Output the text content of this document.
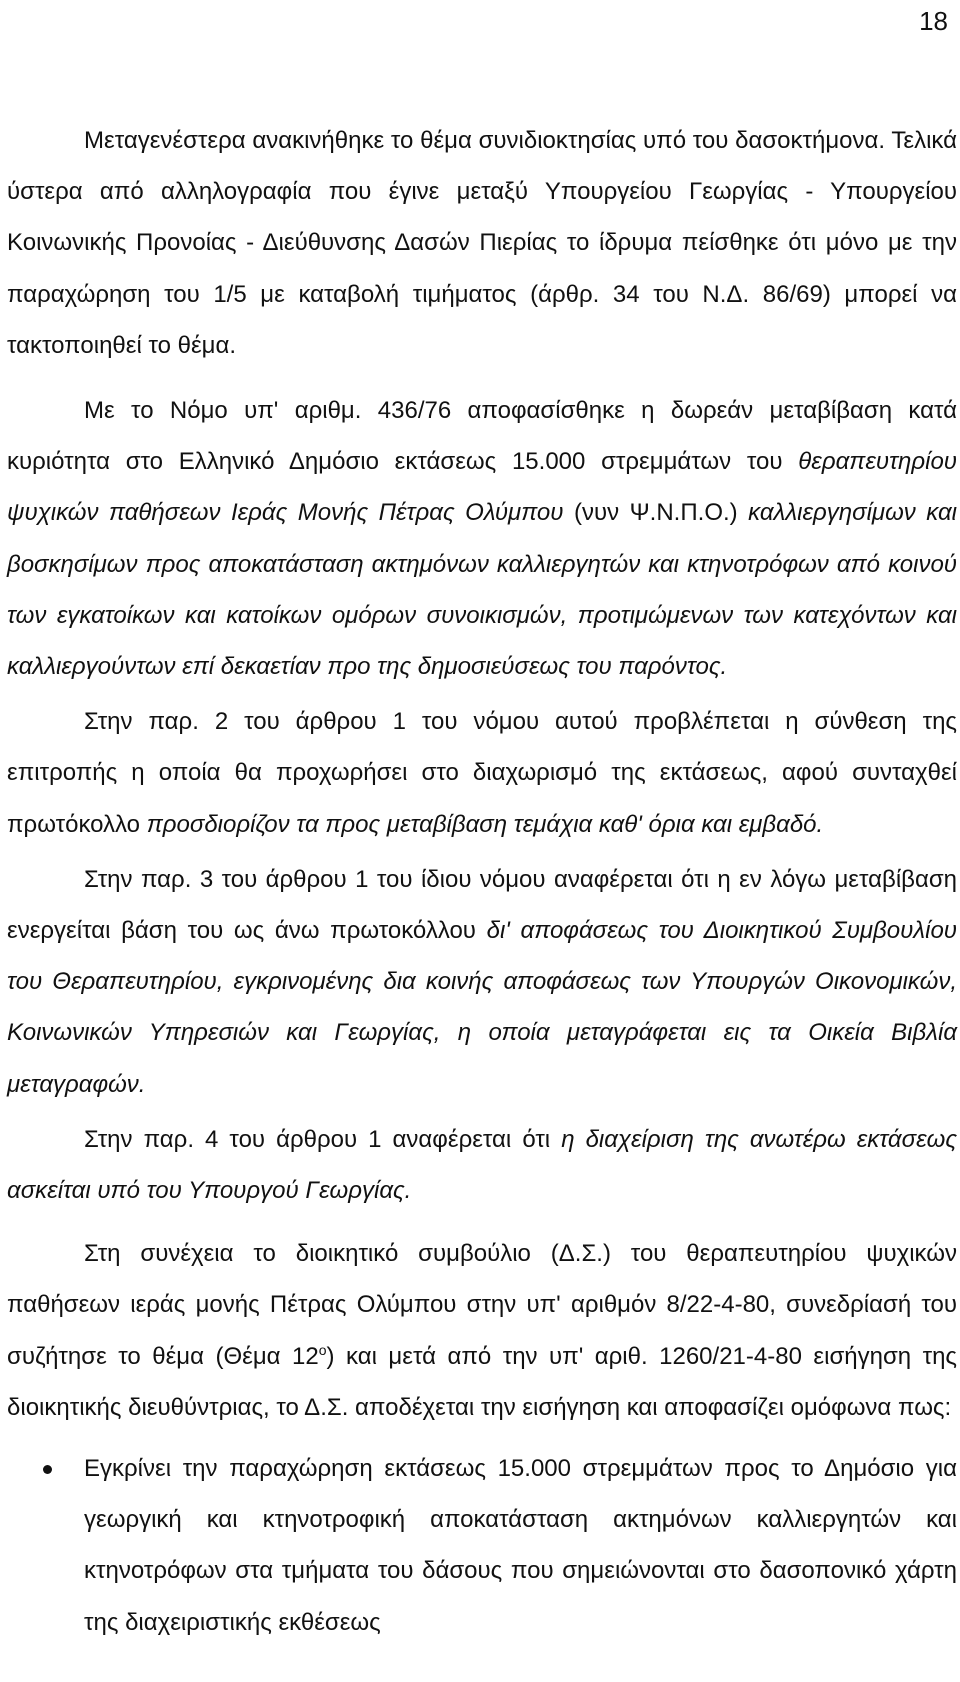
18

Μεταγενέστερα ανακινήθηκε το θέμα συνιδιοκτησίας υπό του δασοκτήμονα. Τελικά ύστερα από αλληλογραφία που έγινε μεταξύ Υπουργείου Γεωργίας - Υπουργείου Κοινωνικής Προνοίας - Διεύθυνσης Δασών Πιερίας το ίδρυμα πείσθηκε ότι μόνο με την παραχώρηση του 1/5 με καταβολή τιμήματος (άρθρ. 34 του Ν.Δ. 86/69) μπορεί να τακτοποιηθεί το θέμα.

Με το Νόμο υπ' αριθμ. 436/76 αποφασίσθηκε η δωρεάν μεταβίβαση κατά κυριότητα στο Ελληνικό Δημόσιο εκτάσεως 15.000 στρεμμάτων του θεραπευτηρίου ψυχικών παθήσεων Ιεράς Μονής Πέτρας Ολύμπου (νυν Ψ.Ν.Π.Ο.) καλλιεργησίμων και βοσκησίμων προς αποκατάσταση ακτημόνων καλλιεργητών και κτηνοτρόφων από κοινού των εγκατοίκων και κατοίκων ομόρων συνοικισμών, προτιμώμενων των κατεχόντων και καλλιεργούντων επί δεκαετίαν προ της δημοσιεύσεως του παρόντος.

Στην παρ. 2 του άρθρου 1 του νόμου αυτού προβλέπεται η σύνθεση της επιτροπής η οποία θα προχωρήσει στο διαχωρισμό της εκτάσεως, αφού συνταχθεί πρωτόκολλο προσδιορίζον τα προς μεταβίβαση τεμάχια καθ' όρια και εμβαδό.

Στην παρ. 3 του άρθρου 1 του ίδιου νόμου αναφέρεται ότι η εν λόγω μεταβίβαση ενεργείται βάση του ως άνω πρωτοκόλλου δι' αποφάσεως του Διοικητικού Συμβουλίου του Θεραπευτηρίου, εγκρινομένης δια κοινής αποφάσεως των Υπουργών Οικονομικών, Κοινωνικών Υπηρεσιών και Γεωργίας, η οποία μεταγράφεται εις τα Οικεία Βιβλία μεταγραφών.

Στην παρ. 4 του άρθρου 1 αναφέρεται ότι η διαχείριση της ανωτέρω εκτάσεως ασκείται υπό του Υπουργού Γεωργίας.

Στη συνέχεια το διοικητικό συμβούλιο (Δ.Σ.) του θεραπευτηρίου ψυχικών παθήσεων ιεράς μονής Πέτρας Ολύμπου στην υπ' αριθμόν 8/22-4-80, συνεδρίασή του συζήτησε το θέμα (Θέμα $12^o$) και μετά από την υπ' αριθ. 1260/21-4-80 εισήγηση της διοικητικής διευθύντριας, το Δ.Σ. αποδέχεται την εισήγηση και αποφασίζει ομόφωνα πως:

Εγκρίνει την παραχώρηση εκτάσεως 15.000 στρεμμάτων προς το Δημόσιο για γεωργική και κτηνοτροφική αποκατάσταση ακτημόνων καλλιεργητών και κτηνοτρόφων στα τμήματα του δάσους που σημειώνονται στο δασοπονικό χάρτη της διαχειριστικής εκθέσεως
